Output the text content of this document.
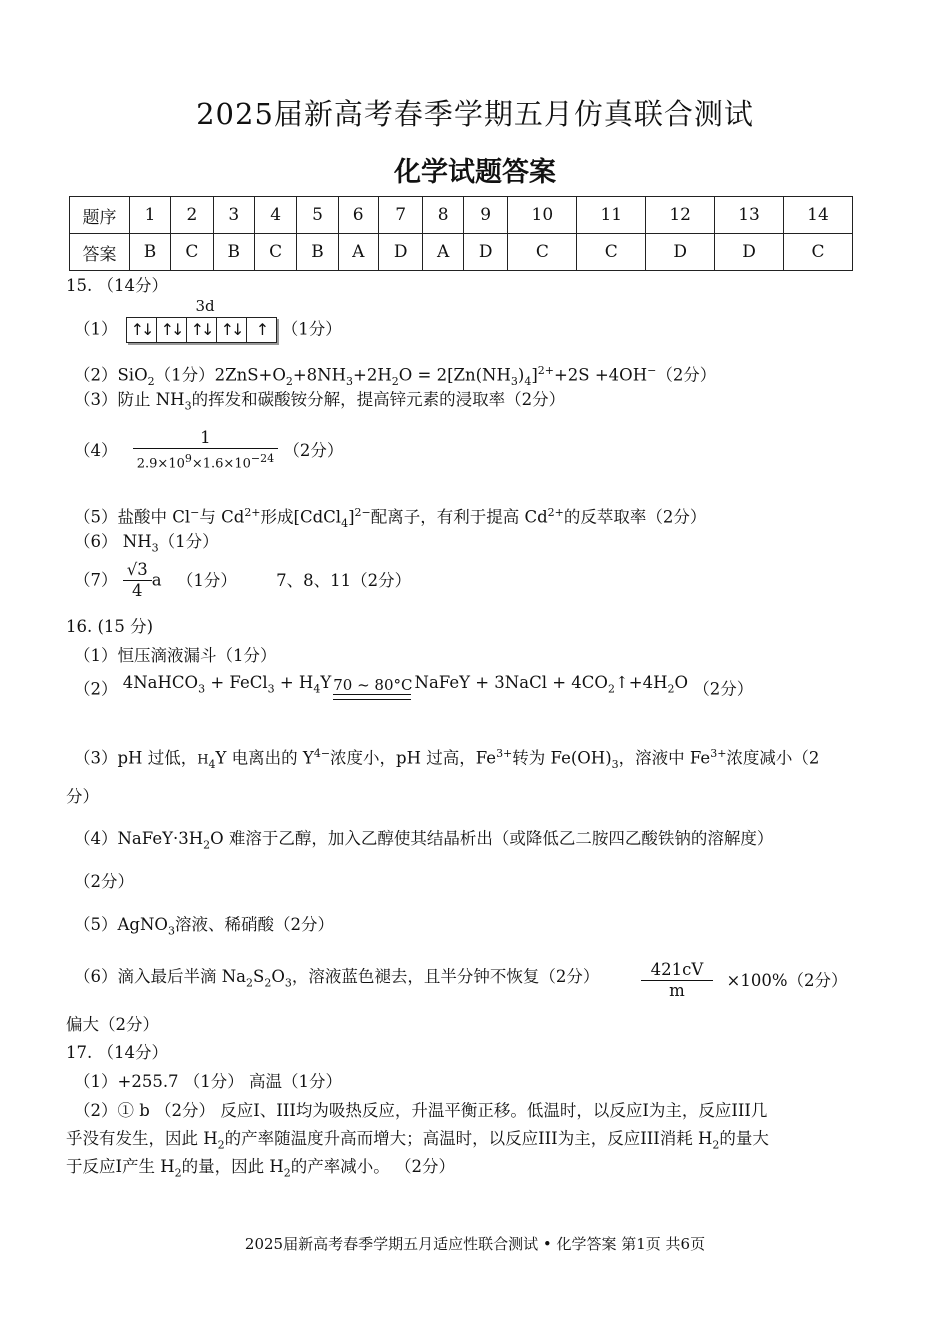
2025届新高考春季学期五月仿真联合测试
化学试题答案
题序	1	2	3	4	5	6	7	8	9	10	11	12	13	14
答案	B	C	B	C	B	A	D	A	D	C	C	D	D	C
15. （14分）
（1）
3d
↑↓ ↑↓ ↑↓ ↑↓ ↑ （1分）
（2）SiO$_2$（1分）$2ZnS+O_2+8NH_3+2H_2O = 2[Zn(NH_3)_4]^{2+}+2S +4OH^-(2$分）
（3）防止 $NH_3$的挥发和碳酸铵分解，提高锌元素的浸取率（2分）
$(4) \frac{1}{2.9\times 10^9\times 1.6\times 10^{-24}} (2$分）
（5）盐酸中 Cl−与 $Cd^{2+}$形成[CdCl$_4$]$^{2-}$配离子，有利于提高 $Cd^{2+}$的反萃取率（2分）
（6） $NH_3(1$分）
$(7) \frac{√3}{4}$ a （1分） 7、8、11（2分）
16. (15 分)
（1）恒压滴液漏斗（1分）
（2） 4NaHCO$_3$ + FeCl$_3$ + $H_4Y$ 70 ~ 80°C NaFeY + 3NaCl + $4CO_2↑+4H_2O$ （2分）
（3）pH 过低，$H_4Y$ 电离出的 $Y^{4-}$浓度小，pH 过高，$Fe^{3+}$转为 $Fe(OH)_3$，溶液中 $Fe^{3+}$浓度减小（2
分）
$(4)NaFeY\cdot 3H_2O$ 难溶于乙醇，加入乙醇使其结晶析出（或降低乙二胺四乙酸铁钠的溶解度）
（2分）
（5）AgNO$_3$溶液、稀硝酸（2分）
（6）滴入最后半滴 $Na_2S_2O_3$，溶液蓝色褪去，且半分钟不恢复（2分）	$\frac{421cV}{m} \times 100\%(2$分）
偏大（2分）
17. （14分）
（1）+255.7 （1分） 高温（1分）
（2）① b （2分） 反应I、III均为吸热反应，升温平衡正移。低温时，以反应I为主，反应III几
乎没有发生，因此 $H_2$的产率随温度升高而增大；高温时，以反应III为主，反应III消耗 $H_2$的量大
于反应I产生 $H_2$的量，因此 $H_2$的产率减小。 （2分）
2025届新高考春季学期五月适应性联合测试 • 化学答案 第1页 共6页
